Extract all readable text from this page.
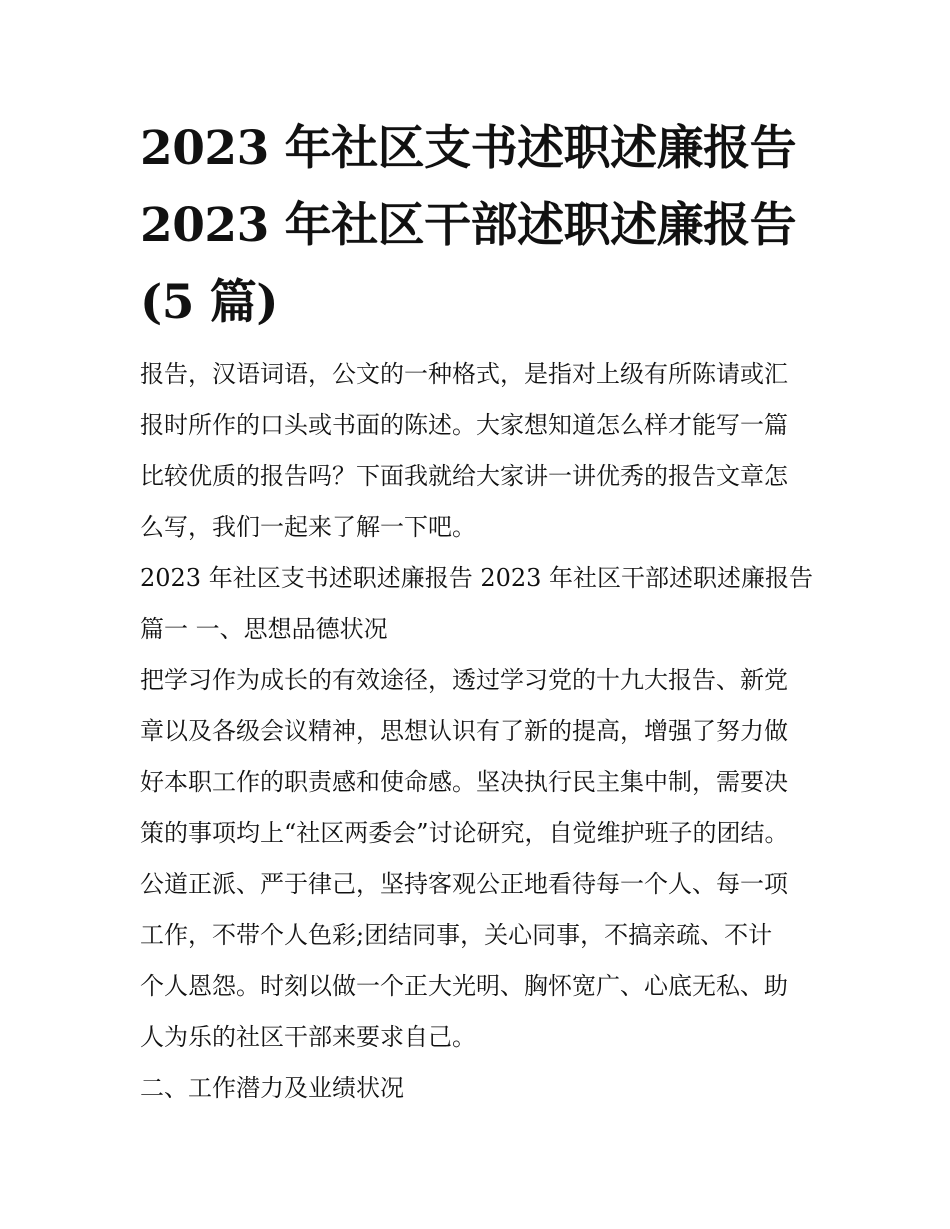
2023 年社区支书述职述廉报告
2023 年社区干部述职述廉报告
(5 篇)

报告，汉语词语，公文的一种格式，是指对上级有所陈请或汇

报时所作的口头或书面的陈述。大家想知道怎么样才能写一篇

比较优质的报告吗？下面我就给大家讲一讲优秀的报告文章怎

么写，我们一起来了解一下吧。

2023 年社区支书述职述廉报告 2023 年社区干部述职述廉报告

篇一 一、思想品德状况

把学习作为成长的有效途径，透过学习党的十九大报告、新党

章以及各级会议精神，思想认识有了新的提高，增强了努力做

好本职工作的职责感和使命感。坚决执行民主集中制，需要决

策的事项均上“社区两委会”讨论研究，自觉维护班子的团结。

公道正派、严于律己，坚持客观公正地看待每一个人、每一项

工作，不带个人色彩;团结同事，关心同事，不搞亲疏、不计

个人恩怨。时刻以做一个正大光明、胸怀宽广、心底无私、助

人为乐的社区干部来要求自己。

二、工作潜力及业绩状况
